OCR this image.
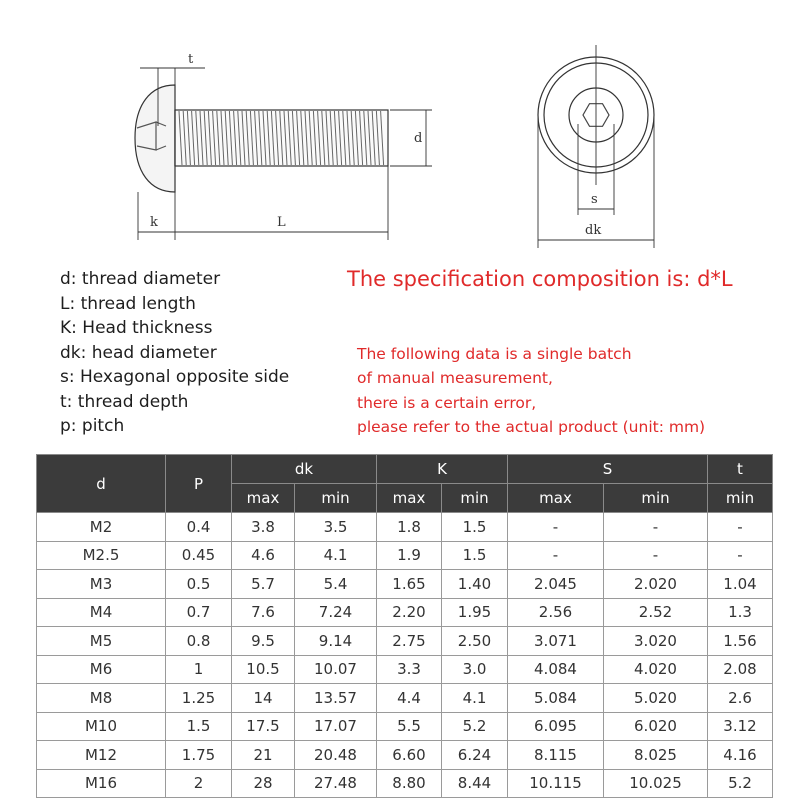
t
d
k	L
s
dk
d: thread diameter
L: thread length
K: Head thickness
dk: head diameter
s: Hexagonal opposite side
t: thread depth
p: pitch
The specification composition is: d*L
The following data is a single batch
of manual measurement,
there is a certain error,
please refer to the actual product (unit: mm)
d	P	dk		K		S		t
		max	min	max	min	max	min	min
M2	0.4	3.8	3.5	1.8	1.5	-	-	-
M2.5	0.45	4.6	4.1	1.9	1.5	-	-	-
M3	0.5	5.7	5.4	1.65	1.40	2.045	2.020	1.04
M4	0.7	7.6	7.24	2.20	1.95	2.56	2.52	1.3
M5	0.8	9.5	9.14	2.75	2.50	3.071	3.020	1.56
M6	1	10.5	10.07	3.3	3.0	4.084	4.020	2.08
M8	1.25	14	13.57	4.4	4.1	5.084	5.020	2.6
M10	1.5	17.5	17.07	5.5	5.2	6.095	6.020	3.12
M12	1.75	21	20.48	6.60	6.24	8.115	8.025	4.16
M16	2	28	27.48	8.80	8.44	10.115	10.025	5.2
